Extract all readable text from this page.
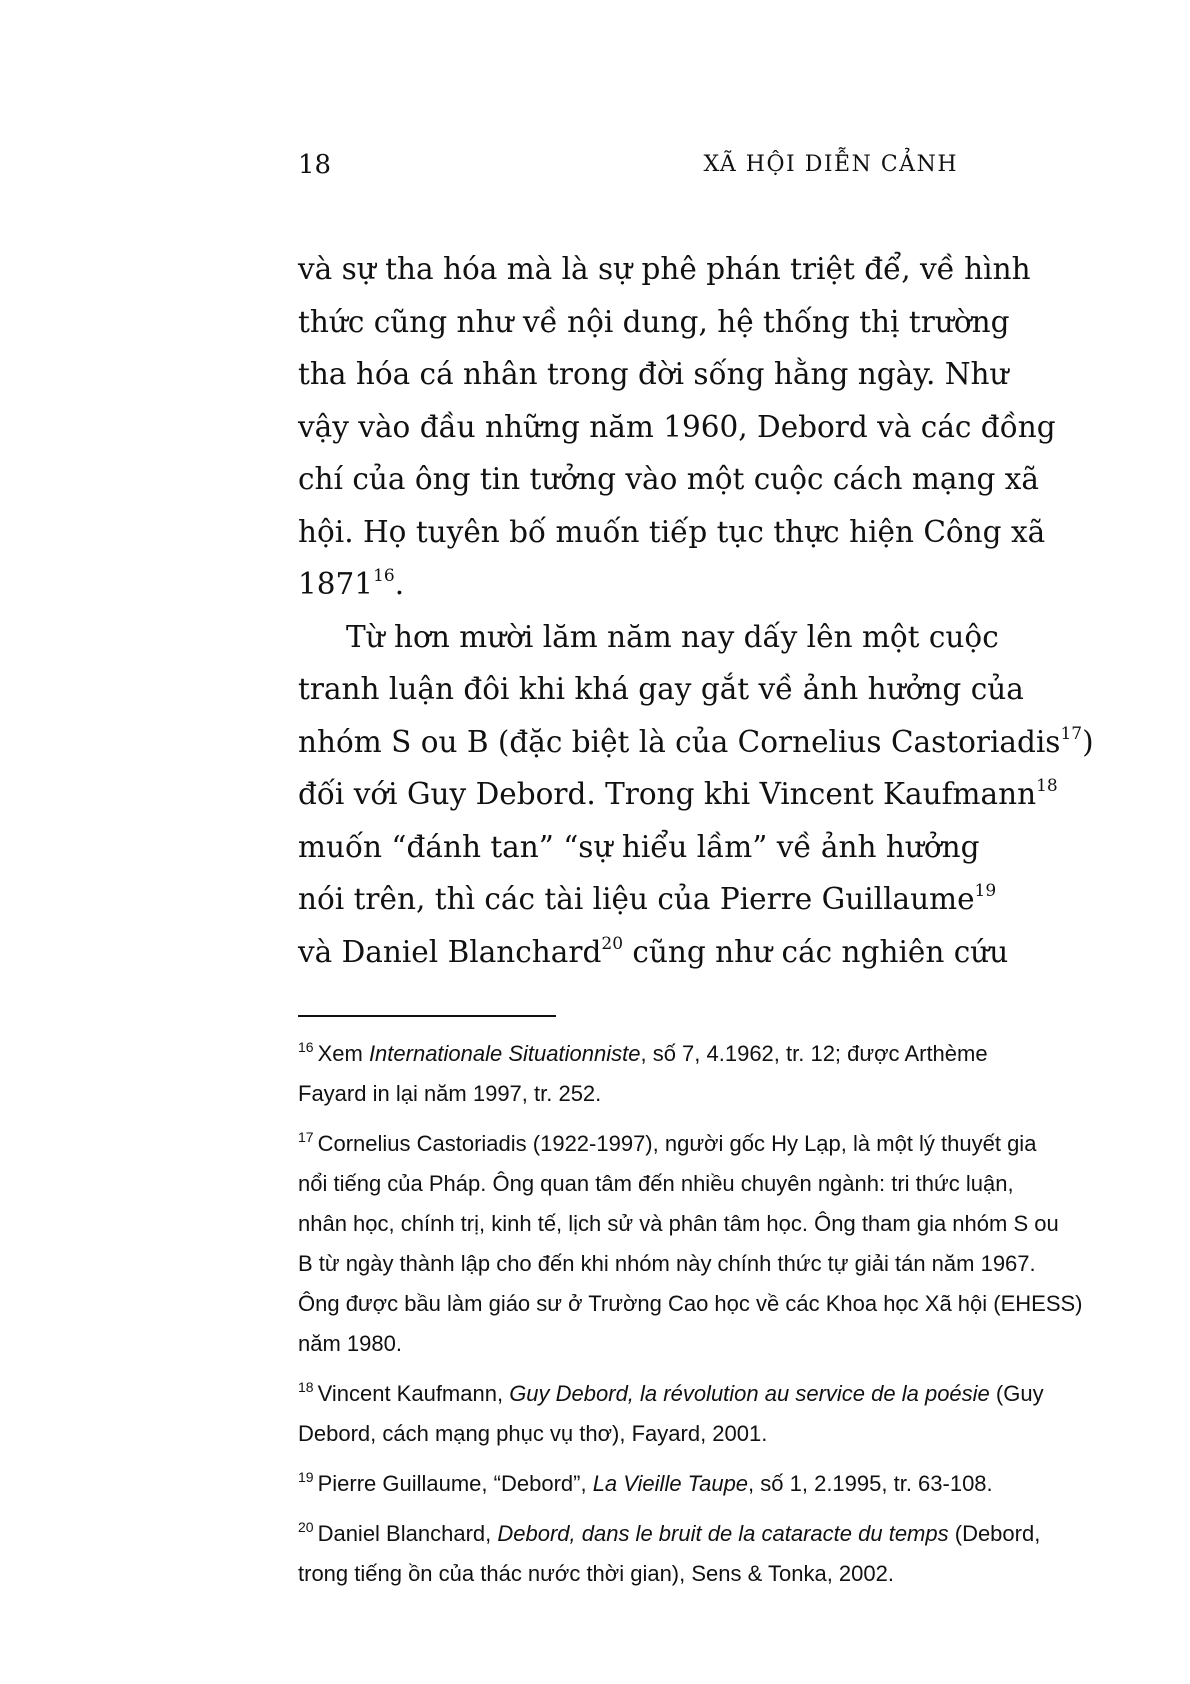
18	XÃ HỘI DIỄN CẢNH

và sự tha hóa mà là sự phê phán triệt để, về hình
thức cũng như về nội dung, hệ thống thị trường
tha hóa cá nhân trong đời sống hằng ngày. Như
vậy vào đầu những năm 1960, Debord và các đồng
chí của ông tin tưởng vào một cuộc cách mạng xã
hội. Họ tuyên bố muốn tiếp tục thực hiện Công xã
1871$^{16}$.

Từ hơn mười lăm năm nay dấy lên một cuộc
tranh luận đôi khi khá gay gắt về ảnh hưởng của
nhóm S ou B (đặc biệt là của Cornelius Castoriadis$^{17}$)
đối với Guy Debord. Trong khi Vincent Kaufmann$^{18}$
muốn “đánh tan” “sự hiểu lầm” về ảnh hưởng
nói trên, thì các tài liệu của Pierre Guillaume$^{19}$
và Daniel Blanchard$^{20}$ cũng như các nghiên cứu

$^{16}$ Xem Internationale Situationniste, số 7, 4.1962, tr. 12; được Arthème
Fayard in lại năm 1997, tr. 252.
$^{17}$ Cornelius Castoriadis (1922-1997), người gốc Hy Lạp, là một lý thuyết gia
nổi tiếng của Pháp. Ông quan tâm đến nhiều chuyên ngành: tri thức luận,
nhân học, chính trị, kinh tế, lịch sử và phân tâm học. Ông tham gia nhóm S ou
B từ ngày thành lập cho đến khi nhóm này chính thức tự giải tán năm 1967.
Ông được bầu làm giáo sư ở Trường Cao học về các Khoa học Xã hội (EHESS)
năm 1980.
$^{18}$ Vincent Kaufmann, Guy Debord, la révolution au service de la poésie (Guy
Debord, cách mạng phục vụ thơ), Fayard, 2001.
$^{19}$ Pierre Guillaume, “Debord”, La Vieille Taupe, số 1, 2.1995, tr. 63-108.
$^{20}$ Daniel Blanchard, Debord, dans le bruit de la cataracte du temps (Debord,
trong tiếng ồn của thác nước thời gian), Sens & Tonka, 2002.
